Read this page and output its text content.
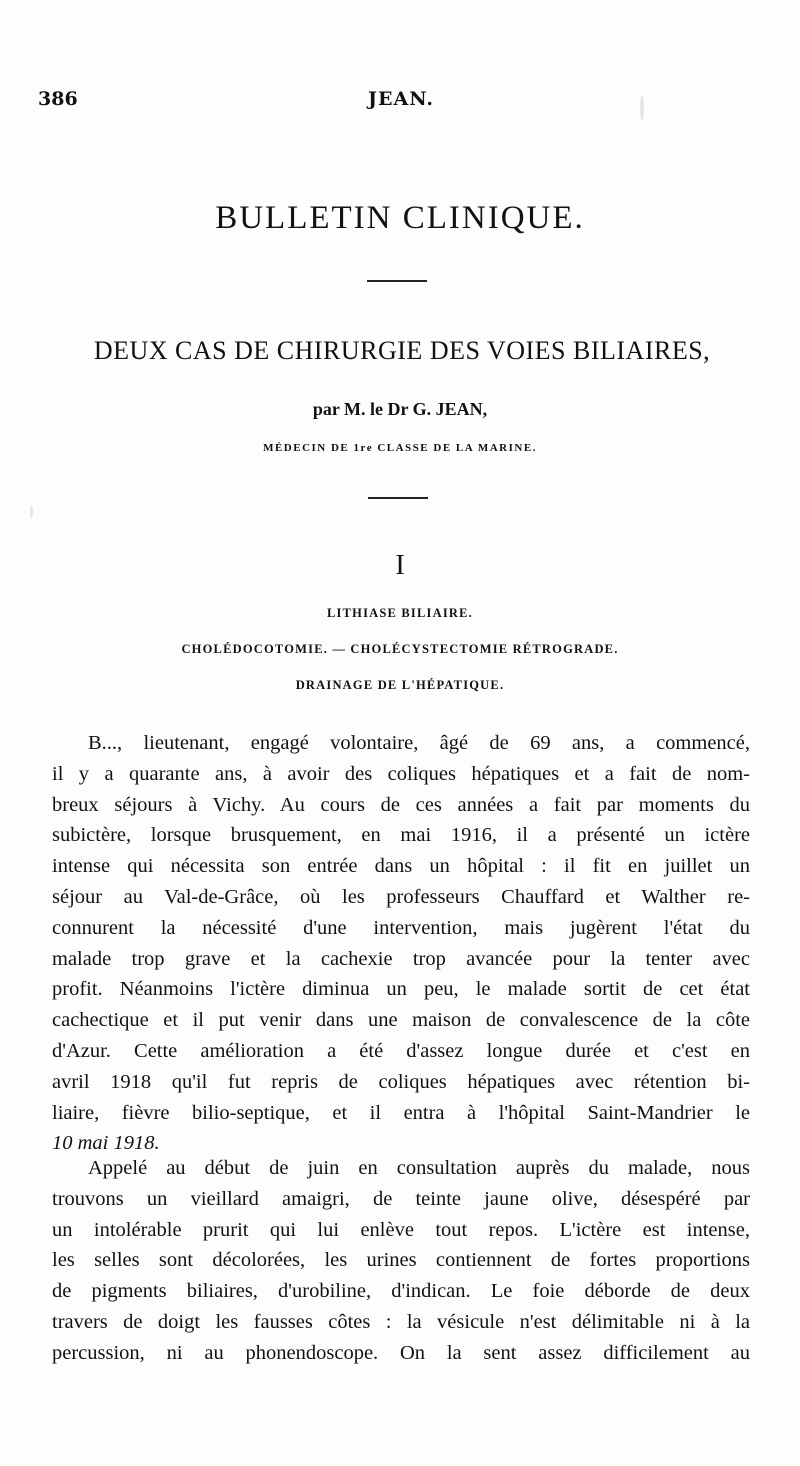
386	JEAN.
BULLETIN CLINIQUE.
DEUX CAS DE CHIRURGIE DES VOIES BILIAIRES,
par M. le Dr G. JEAN,
MÉDECIN DE 1re CLASSE DE LA MARINE.
I
LITHIASE BILIAIRE.
CHOLÉDOCOTOMIE. — CHOLÉCYSTECTOMIE RÉTROGRADE.
DRAINAGE DE L'HÉPATIQUE.
B..., lieutenant, engagé volontaire, âgé de 69 ans, a commencé,
il y a quarante ans, à avoir des coliques hépatiques et a fait de nom-
breux séjours à Vichy. Au cours de ces années a fait par moments du
subictère, lorsque brusquement, en mai 1916, il a présenté un ictère
intense qui nécessita son entrée dans un hôpital : il fit en juillet un
séjour au Val-de-Grâce, où les professeurs Chauffard et Walther re-
connurent la nécessité d'une intervention, mais jugèrent l'état du
malade trop grave et la cachexie trop avancée pour la tenter avec
profit. Néanmoins l'ictère diminua un peu, le malade sortit de cet état
cachectique et il put venir dans une maison de convalescence de la côte
d'Azur. Cette amélioration a été d'assez longue durée et c'est en
avril 1918 qu'il fut repris de coliques hépatiques avec rétention bi-
liaire, fièvre bilio-septique, et il entra à l'hôpital Saint-Mandrier le
10 mai 1918.
Appelé au début de juin en consultation auprès du malade, nous
trouvons un vieillard amaigri, de teinte jaune olive, désespéré par
un intolérable prurit qui lui enlève tout repos. L'ictère est intense,
les selles sont décolorées, les urines contiennent de fortes proportions
de pigments biliaires, d'urobiline, d'indican. Le foie déborde de deux
travers de doigt les fausses côtes : la vésicule n'est délimitable ni à la
percussion, ni au phonendoscope. On la sent assez difficilement au
